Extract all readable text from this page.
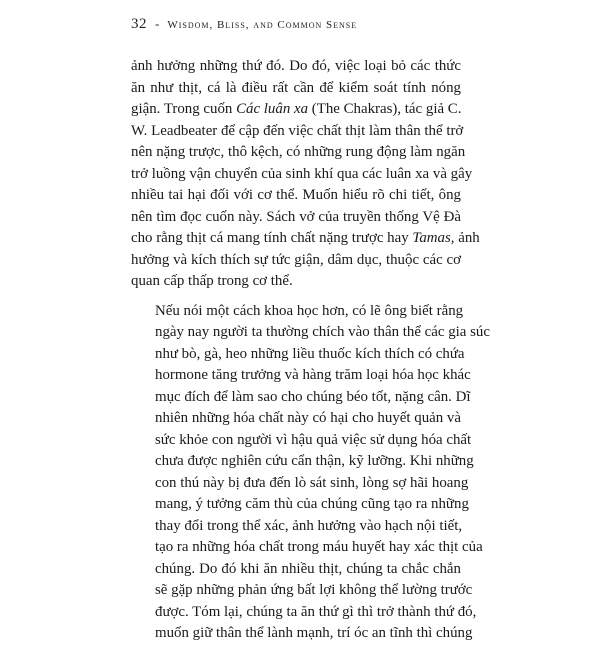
32 - Wisdom, Bliss, and Common Sense
ảnh hưởng những thứ đó. Do đó, việc loại bỏ các thức
ăn như thịt, cá là điều rất cần để kiểm soát tính nóng
giận. Trong cuốn Các luân xa (The Chakras), tác giả C.
W. Leadbeater để cập đến việc chất thịt làm thân thể trở
nên nặng trược, thô kệch, có những rung động làm ngăn
trở luồng vận chuyển của sinh khí qua các luân xa và gây
nhiều tai hại đối với cơ thể. Muốn hiểu rõ chi tiết, ông
nên tìm đọc cuốn này. Sách vở của truyền thống Vệ Đà
cho rằng thịt cá mang tính chất nặng trược hay Tamas, ảnh
hưởng và kích thích sự tức giận, dâm dục, thuộc các cơ
quan cấp thấp trong cơ thể.
Nếu nói một cách khoa học hơn, có lẽ ông biết rằng
ngày nay người ta thường chích vào thân thể các gia súc
như bò, gà, heo những liều thuốc kích thích có chứa
hormone tăng trưởng và hàng trăm loại hóa học khác
mục đích để làm sao cho chúng béo tốt, nặng cân. Dĩ
nhiên những hóa chất này có hại cho huyết quản và
sức khỏe con người vì hậu quả việc sử dụng hóa chất
chưa được nghiên cứu cẩn thận, kỹ lưỡng. Khi những
con thú này bị đưa đến lò sát sinh, lòng sợ hãi hoang
mang, ý tưởng căm thù của chúng cũng tạo ra những
thay đổi trong thể xác, ảnh hưởng vào hạch nội tiết,
tạo ra những hóa chất trong máu huyết hay xác thịt của
chúng. Do đó khi ăn nhiều thịt, chúng ta chắc chắn
sẽ gặp những phản ứng bất lợi không thể lường trước
được. Tóm lại, chúng ta ăn thứ gì thì trở thành thứ đó,
muốn giữ thân thể lành mạnh, trí óc an tĩnh thì chúng
